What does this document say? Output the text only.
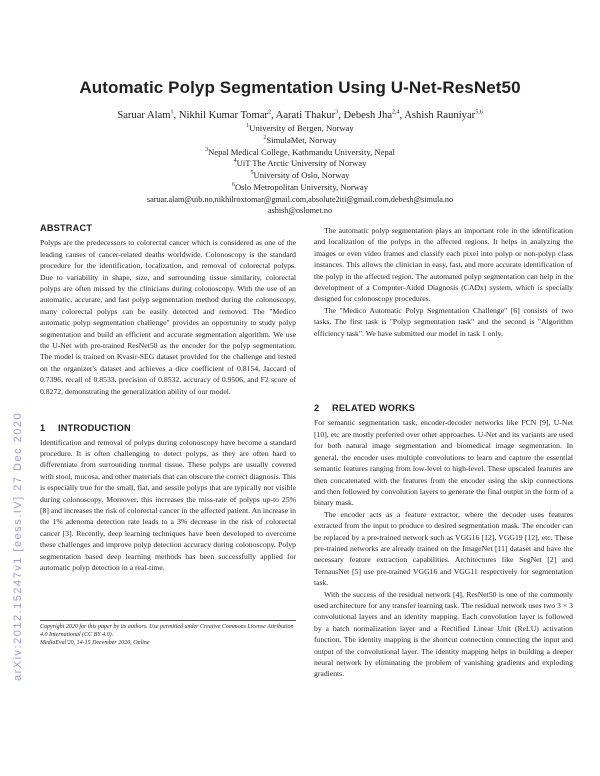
arXiv:2012.15247v1 [eess.IV] 27 Dec 2020
Automatic Polyp Segmentation Using U-Net-ResNet50
Saruar Alam$^1$, Nikhil Kumar Tomar$^2$, Aarati Thakur$^3$, Debesh Jha$^{2,4}$, Ashish Rauniyar$^{5,6}$
$^1$University of Bergen, Norway
$^2$SimulaMet, Norway
$^3$Nepal Medical College, Kathmandu University, Nepal
$^4$UiT The Arctic University of Norway
$^5$University of Oslo, Norway
$^6$Oslo Metropolitan University, Norway
saruar.alam@uib.no,nikhilroxtomar@gmail.com,absolute2iti@gmail.com,debesh@simula.no
ashish@oslomet.no
ABSTRACT

Polyps are the predecessors to colorectal cancer which is considered as one of the leading causes of cancer-related deaths worldwide. Colonoscopy is the standard procedure for the identification, localization, and removal of colorectal polyps. Due to variability in shape, size, and surrounding tissue similarity, colorectal polyps are often missed by the clinicians during colonoscopy. With the use of an automatic, accurate, and fast polyp segmentation method during the colonoscopy, many colorectal polyps can be easily detected and removed. The "Medico automatic polyp segmentation challenge" provides an opportunity to study polyp segmentation and build an efficient and accurate segmentation algorithm. We use the U-Net with pre-trained ResNet50 as the encoder for the polyp segmentation. The model is trained on Kvasir-SEG dataset provided for the challenge and tested on the organizer's dataset and achieves a dice coefficient of 0.8154, Jaccard of 0.7396, recall of 0.8533, precision of 0.8532, accuracy of 0.9506, and F2 score of 0.8272, demonstrating the generalization ability of our model.

1 INTRODUCTION

Identification and removal of polyps during colonoscopy have become a standard procedure. It is often challenging to detect polyps, as they are often hard to differentiate from surrounding normal tissue. These polyps are usually covered with stool, mucosa, and other materials that can obscure the correct diagnosis. This is especially true for the small, flat, and sessile polyps that are typically not visible during colonoscopy. Moreover, this increases the miss-rate of polyps up-to 25% [8] and increases the risk of colorectal cancer in the affected patient. An increase in the 1% adenoma detection rate leads to a 3% decrease in the risk of colorectal cancer [3]. Recently, deep learning techniques have been developed to overcome these challenges and improve polyp detection accuracy during colonoscopy. Polyp segmentation based deep learning methods has been successfully applied for automatic polyp detection in a real-time.

Copyright 2020 for this paper by its authors. Use permitted under Creative Commons License Attribution 4.0 International (CC BY 4.0).
MediaEval'20, 14-15 December 2020, Online

The automatic polyp segmentation plays an important role in the identification and localization of the polyps in the affected regions. It helps in analyzing the images or even video frames and classify each pixel into polyp or non-polyp class instances. This allows the clinician in easy, fast, and more accurate identification of the polyp in the affected region. The automated polyp segmentation can help in the development of a Computer-Aided Diagnosis (CADx) system, which is specially designed for colonoscopy procedures.

The "Medico Automatic Polyp Segmentation Challenge" [6] consists of two tasks. The first task is "Polyp segmentation task" and the second is "Algorithm efficiency task". We have submitted our model in task 1 only.

2 RELATED WORKS

For semantic segmentation task, encoder-decoder networks like FCN [9], U-Net [10], etc are mostly preferred over other approaches. U-Net and its variants are used for both natural image segmentation and biomedical image segmentation. In general, the encoder uses multiple convolutions to learn and capture the essential semantic features ranging from low-level to high-level. These upscaled features are then concatenated with the features from the encoder using the skip connections and then followed by convolution layers to generate the final output in the form of a binary mask.

The encoder acts as a feature extractor, where the decoder uses features extracted from the input to produce to desired segmentation mask. The encoder can be replaced by a pre-trained network such as VGG16 [12], VGG19 [12], etc. These pre-trained networks are already trained on the ImageNet [11] dataset and have the necessary feature extraction capabilities. Architectures like SegNet [2] and TernausNet [5] use pre-trained VGG16 and VGG11 respectively for segmentation task.

With the success of the residual network [4], ResNet50 is one of the commonly used architecture for any transfer learning task. The residual network uses two 3 × 3 convolutional layers and an identity mapping. Each convolution layer is followed by a batch normalization layer and a Rectified Linear Unit (ReLU) activation function. The identity mapping is the shortcut connection connecting the input and output of the convolutional layer. The identity mapping helps in building a deeper neural network by eliminating the problem of vanishing gradients and exploding gradients.
